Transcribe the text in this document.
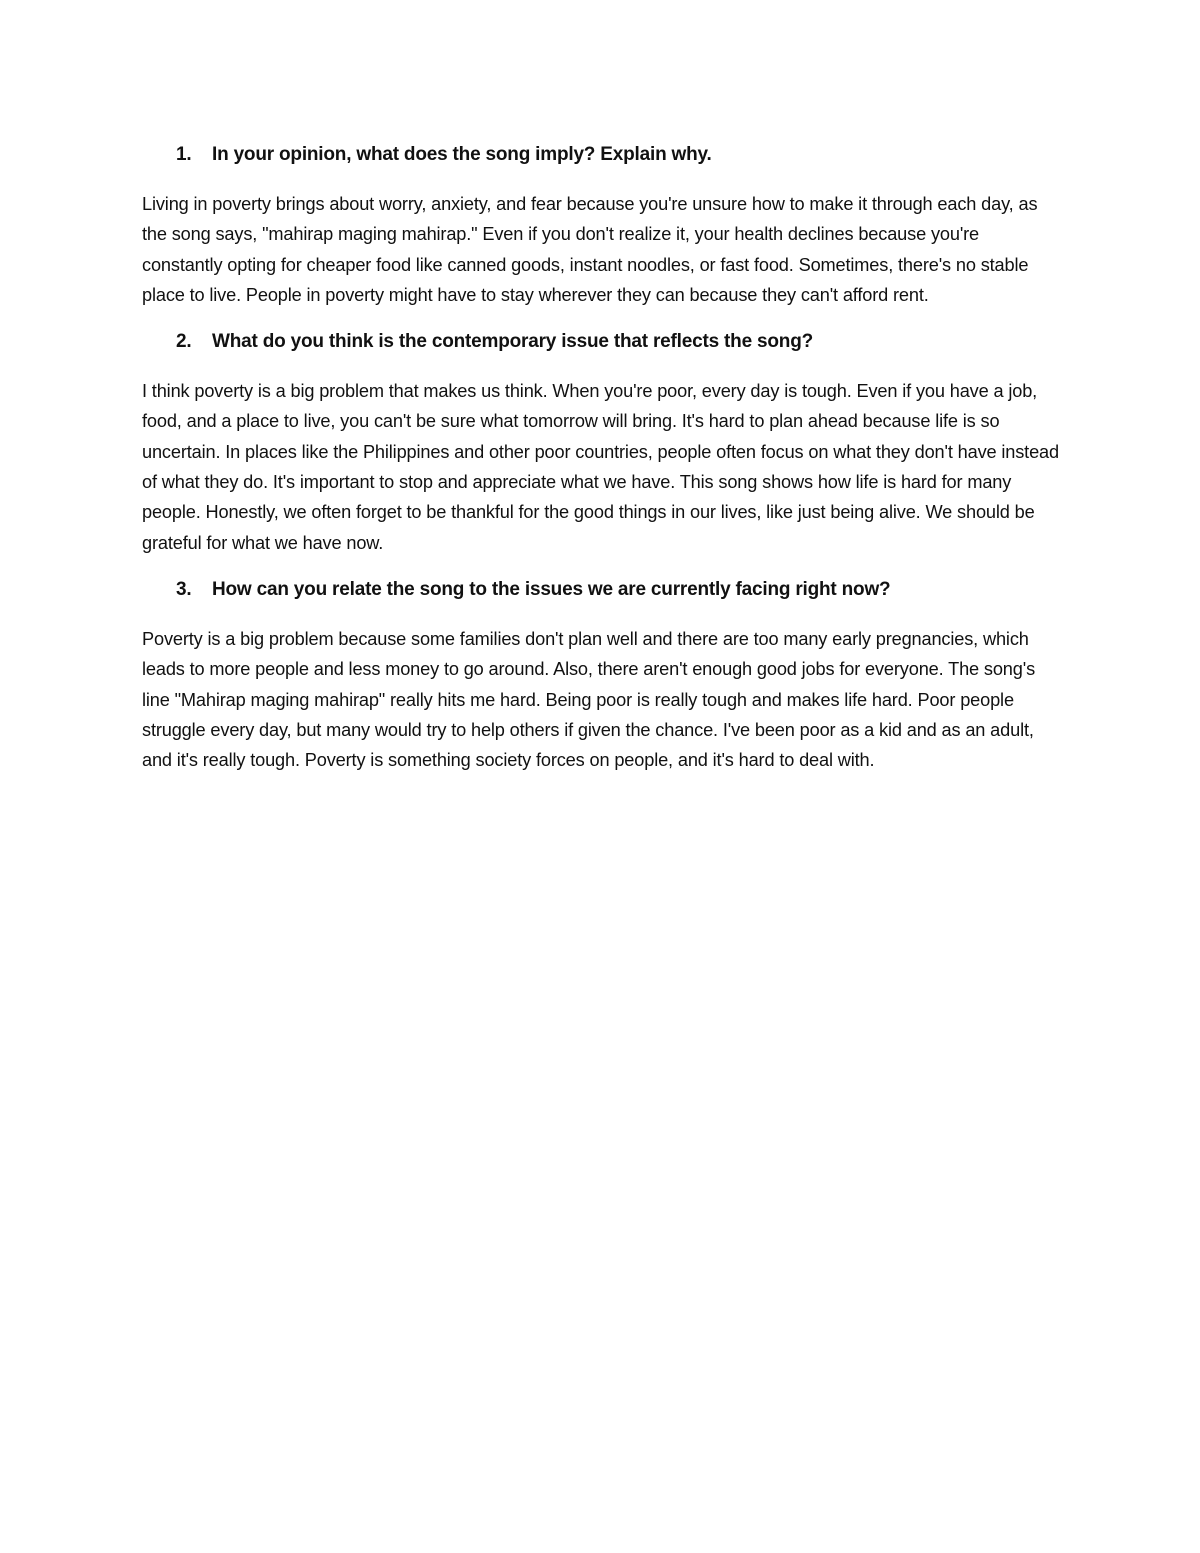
1.	In your opinion, what does the song imply? Explain why.

Living in poverty brings about worry, anxiety, and fear because you're unsure how to make it through each day, as the song says, "mahirap maging mahirap." Even if you don't realize it, your health declines because you're constantly opting for cheaper food like canned goods, instant noodles, or fast food. Sometimes, there's no stable place to live. People in poverty might have to stay wherever they can because they can't afford rent.

2.	What do you think is the contemporary issue that reflects the song?

I think poverty is a big problem that makes us think. When you're poor, every day is tough. Even if you have a job, food, and a place to live, you can't be sure what tomorrow will bring. It's hard to plan ahead because life is so uncertain. In places like the Philippines and other poor countries, people often focus on what they don't have instead of what they do. It's important to stop and appreciate what we have. This song shows how life is hard for many people. Honestly, we often forget to be thankful for the good things in our lives, like just being alive. We should be grateful for what we have now.

3.	How can you relate the song to the issues we are currently facing right now?

Poverty is a big problem because some families don't plan well and there are too many early pregnancies, which leads to more people and less money to go around. Also, there aren't enough good jobs for everyone. The song's line "Mahirap maging mahirap" really hits me hard. Being poor is really tough and makes life hard. Poor people struggle every day, but many would try to help others if given the chance. I've been poor as a kid and as an adult, and it's really tough. Poverty is something society forces on people, and it's hard to deal with.
